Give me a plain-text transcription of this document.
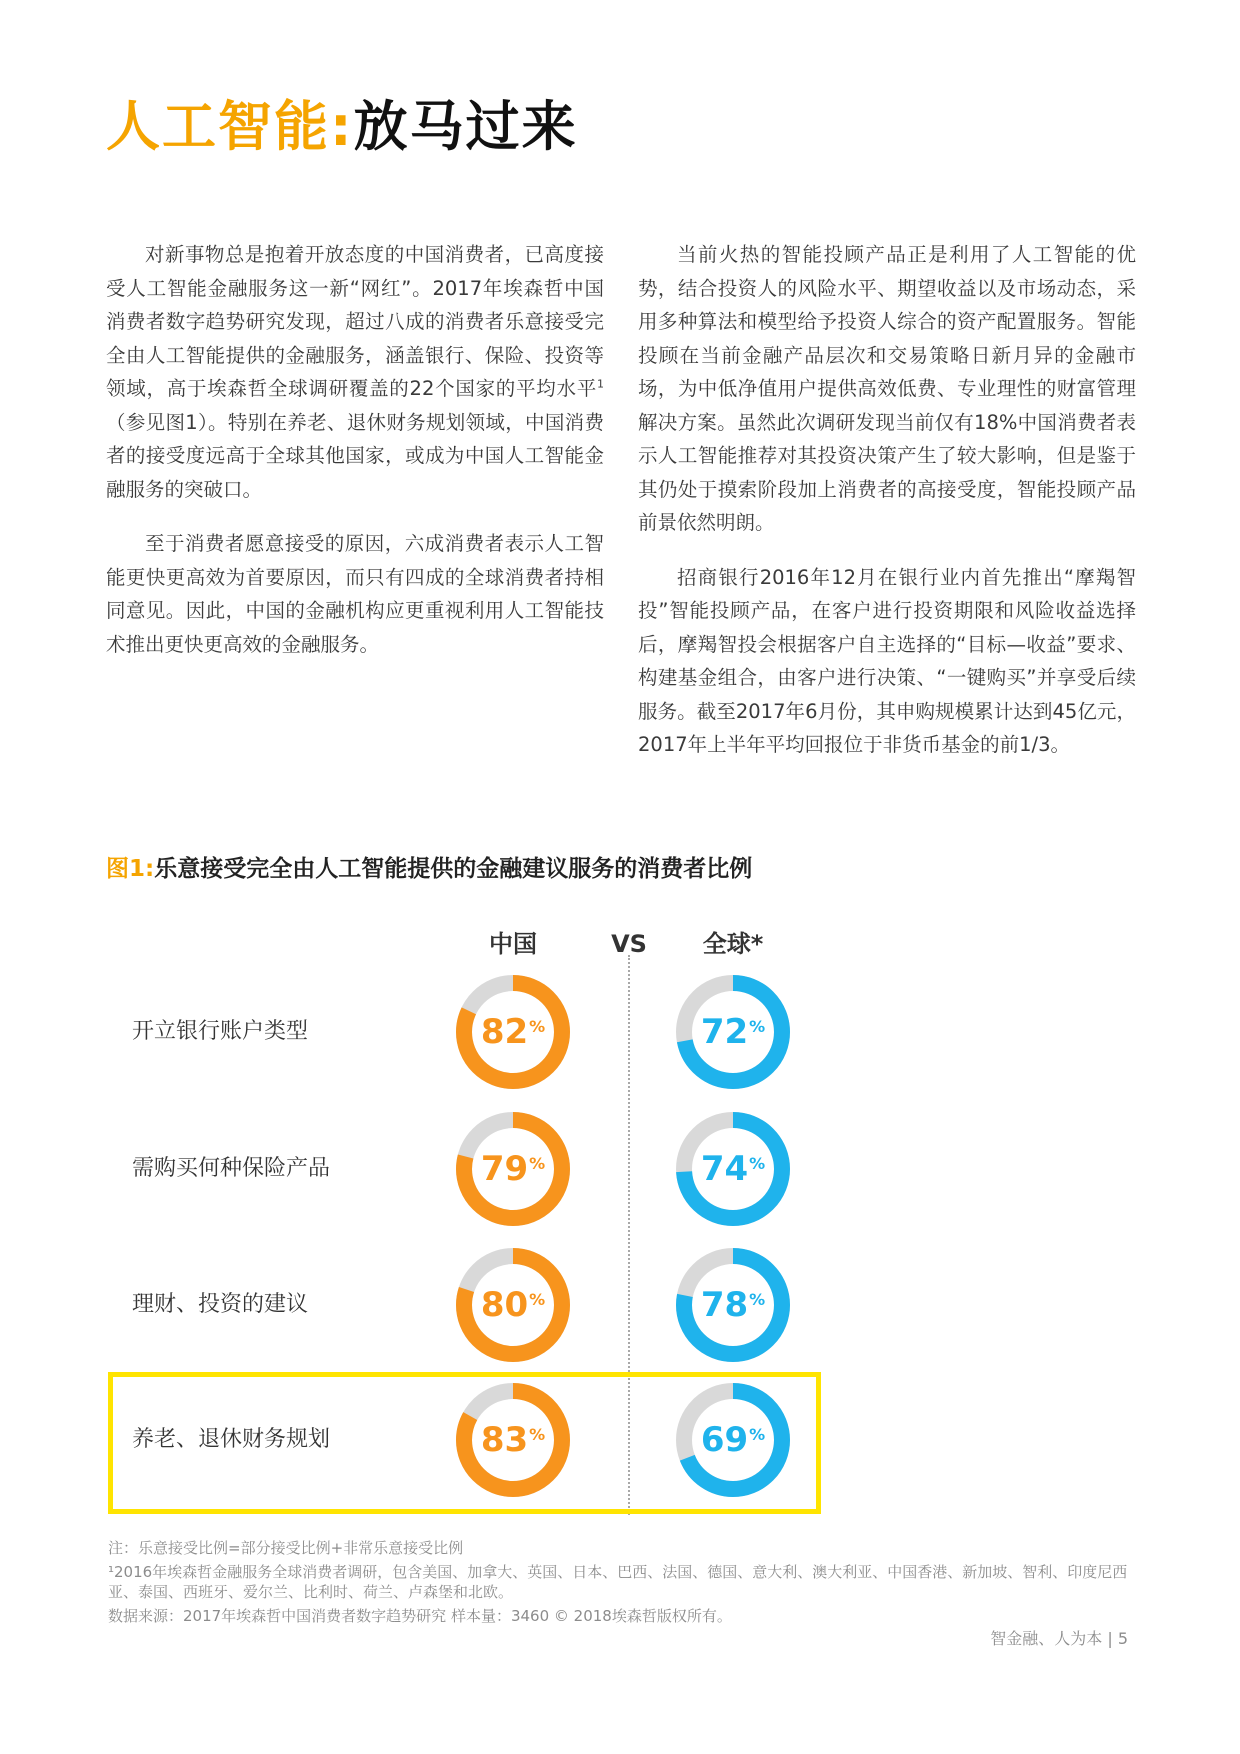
人工智能:放马过来

对新事物总是抱着开放态度的中国消费者，已高度接受人工智能金融服务这一新“网红”。2017年埃森哲中国消费者数字趋势研究发现，超过八成的消费者乐意接受完全由人工智能提供的金融服务，涵盖银行、保险、投资等领域，高于埃森哲全球调研覆盖的22个国家的平均水平$^1$（参见图1）。特别在养老、退休财务规划领域，中国消费者的接受度远高于全球其他国家，或成为中国人工智能金融服务的突破口。

至于消费者愿意接受的原因，六成消费者表示人工智能更快更高效为首要原因，而只有四成的全球消费者持相同意见。因此，中国的金融机构应更重视利用人工智能技术推出更快更高效的金融服务。

当前火热的智能投顾产品正是利用了人工智能的优势，结合投资人的风险水平、期望收益以及市场动态，采用多种算法和模型给予投资人综合的资产配置服务。智能投顾在当前金融产品层次和交易策略日新月异的金融市场，为中低净值用户提供高效低费、专业理性的财富管理解决方案。虽然此次调研发现当前仅有18%中国消费者表示人工智能推荐对其投资决策产生了较大影响，但是鉴于其仍处于摸索阶段加上消费者的高接受度，智能投顾产品前景依然明朗。

招商银行2016年12月在银行业内首先推出“摩羯智投”智能投顾产品，在客户进行投资期限和风险收益选择后，摩羯智投会根据客户自主选择的“目标—收益”要求、构建基金组合，由客户进行决策、“一键购买”并享受后续服务。截至2017年6月份，其申购规模累计达到45亿元，2017年上半年平均回报位于非货币基金的前1/3。

图1:乐意接受完全由人工智能提供的金融建议服务的消费者比例
中国	VS	全球*
开立银行账户类型	82%	72%
需购买何种保险产品	79%	74%
理财、投资的建议	80%	78%
养老、退休财务规划	83%	69%

注：乐意接受比例=部分接受比例+非常乐意接受比例

¹2016年埃森哲金融服务全球消费者调研，包含美国、加拿大、英国、日本、巴西、法国、德国、意大利、澳大利亚、中国香港、新加坡、智利、印度尼西亚、泰国、西班牙、爱尔兰、比利时、荷兰、卢森堡和北欧。

数据来源：2017年埃森哲中国消费者数字趋势研究 样本量：3460 © 2018埃森哲版权所有。

智金融、人为本 | 5
